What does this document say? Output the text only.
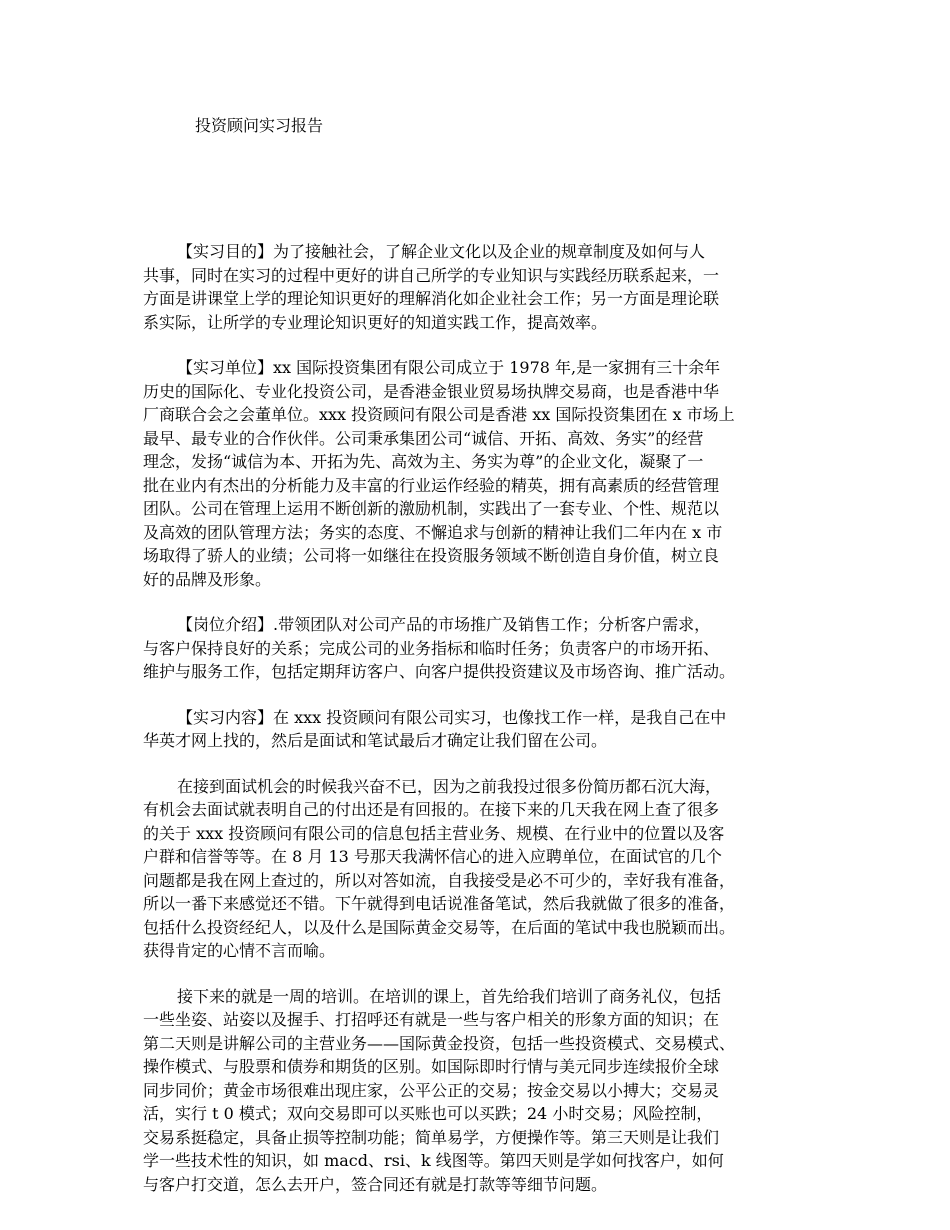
投资顾问实习报告
【实习目的】为了接触社会，了解企业文化以及企业的规章制度及如何与人
共事，同时在实习的过程中更好的讲自己所学的专业知识与实践经历联系起来，一
方面是讲课堂上学的理论知识更好的理解消化如企业社会工作；另一方面是理论联
系实际，让所学的专业理论知识更好的知道实践工作，提高效率。
【实习单位】xx 国际投资集团有限公司成立于 1978 年,是一家拥有三十余年
历史的国际化、专业化投资公司，是香港金银业贸易场执牌交易商，也是香港中华
厂商联合会之会董单位。xxx 投资顾问有限公司是香港 xx 国际投资集团在 x 市场上
最早、最专业的合作伙伴。公司秉承集团公司“诚信、开拓、高效、务实”的经营
理念，发扬“诚信为本、开拓为先、高效为主、务实为尊”的企业文化，凝聚了一
批在业内有杰出的分析能力及丰富的行业运作经验的精英，拥有高素质的经营管理
团队。公司在管理上运用不断创新的激励机制，实践出了一套专业、个性、规范以
及高效的团队管理方法；务实的态度、不懈追求与创新的精神让我们二年内在 x 市
场取得了骄人的业绩；公司将一如继往在投资服务领域不断创造自身价值，树立良
好的品牌及形象。
【岗位介绍】.带领团队对公司产品的市场推广及销售工作；分析客户需求，
与客户保持良好的关系；完成公司的业务指标和临时任务；负责客户的市场开拓、
维护与服务工作，包括定期拜访客户、向客户提供投资建议及市场咨询、推广活动。
【实习内容】在 xxx 投资顾问有限公司实习，也像找工作一样，是我自己在中
华英才网上找的，然后是面试和笔试最后才确定让我们留在公司。
在接到面试机会的时候我兴奋不已，因为之前我投过很多份简历都石沉大海，
有机会去面试就表明自己的付出还是有回报的。在接下来的几天我在网上查了很多
的关于 xxx 投资顾问有限公司的信息包括主营业务、规模、在行业中的位置以及客
户群和信誉等等。在 8 月 13 号那天我满怀信心的进入应聘单位，在面试官的几个
问题都是我在网上查过的，所以对答如流，自我接受是必不可少的，幸好我有准备，
所以一番下来感觉还不错。下午就得到电话说准备笔试，然后我就做了很多的准备，
包括什么投资经纪人，以及什么是国际黄金交易等，在后面的笔试中我也脱颖而出。
获得肯定的心情不言而喻。
接下来的就是一周的培训。在培训的课上，首先给我们培训了商务礼仪，包括
一些坐姿、站姿以及握手、打招呼还有就是一些与客户相关的形象方面的知识；在
第二天则是讲解公司的主营业务——国际黄金投资，包括一些投资模式、交易模式、
操作模式、与股票和债券和期货的区别。如国际即时行情与美元同步连续报价全球
同步同价；黄金市场很难出现庄家，公平公正的交易；按金交易以小搏大；交易灵
活，实行 t 0 模式；双向交易即可以买账也可以买跌；24 小时交易；风险控制，
交易系挺稳定，具备止损等控制功能；简单易学，方便操作等。第三天则是让我们
学一些技术性的知识，如 macd、rsi、k 线图等。第四天则是学如何找客户，如何
与客户打交道，怎么去开户，签合同还有就是打款等等细节问题。
